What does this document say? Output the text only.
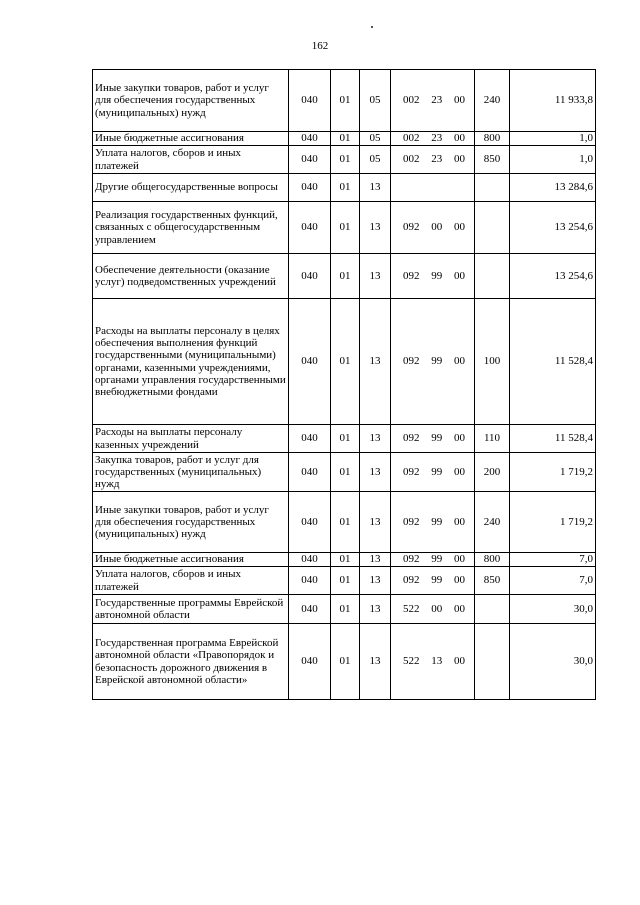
162
Иные закупки товаров, работ и услуг для обеспечения государственных (муниципальных) нужд	040	01	05	002 23 00	240	11 933,8
Иные бюджетные ассигнования	040	01	05	002 23 00	800	1,0
Уплата налогов, сборов и иных платежей	040	01	05	002 23 00	850	1,0
Другие общегосударственные вопросы	040	01	13			13 284,6
Реализация государственных функций, связанных с общегосударственным управлением	040	01	13	092 00 00		13 254,6
Обеспечение деятельности (оказание услуг) подведомственных учреждений	040	01	13	092 99 00		13 254,6
Расходы на выплаты персоналу в целях обеспечения выполнения функций государственными (муниципальными) органами, казенными учреждениями, органами управления государственными внебюджетными фондами	040	01	13	092 99 00	100	11 528,4
Расходы на выплаты персоналу казенных учреждений	040	01	13	092 99 00	110	11 528,4
Закупка товаров, работ и услуг для государственных (муниципальных) нужд	040	01	13	092 99 00	200	1 719,2
Иные закупки товаров, работ и услуг для обеспечения государственных (муниципальных) нужд	040	01	13	092 99 00	240	1 719,2
Иные бюджетные ассигнования	040	01	13	092 99 00	800	7,0
Уплата налогов, сборов и иных платежей	040	01	13	092 99 00	850	7,0
Государственные программы Еврейской автономной области	040	01	13	522 00 00		30,0
Государственная программа Еврейской автономной области «Правопорядок и безопасность дорожного движения в Еврейской автономной области»	040	01	13	522 13 00		30,0
